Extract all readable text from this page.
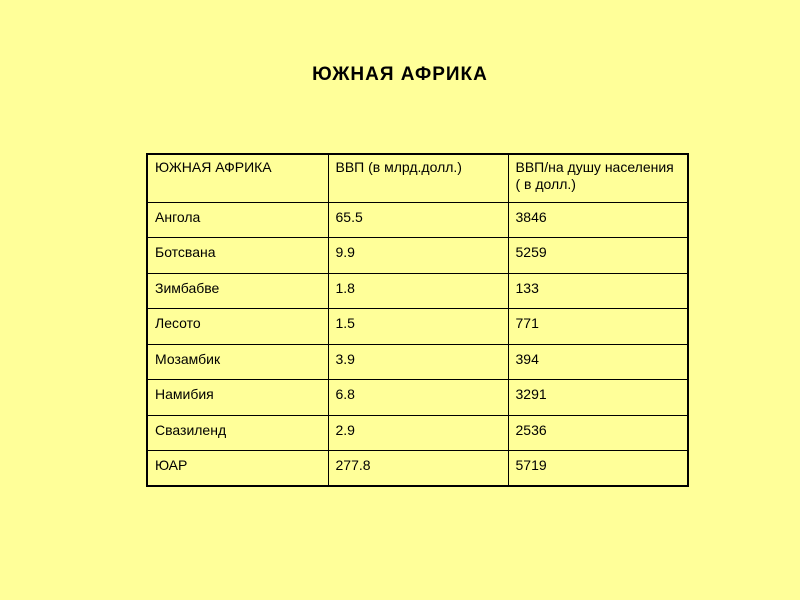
ЮЖНАЯ АФРИКА
ЮЖНАЯ АФРИКА	ВВП (в млрд.долл.)	ВВП/на душу населения ( в долл.)
Ангола	65.5	3846
Ботсвана	9.9	5259
Зимбабве	1.8	133
Лесото	1.5	771
Мозамбик	3.9	394
Намибия	6.8	3291
Свазиленд	2.9	2536
ЮАР	277.8	5719
